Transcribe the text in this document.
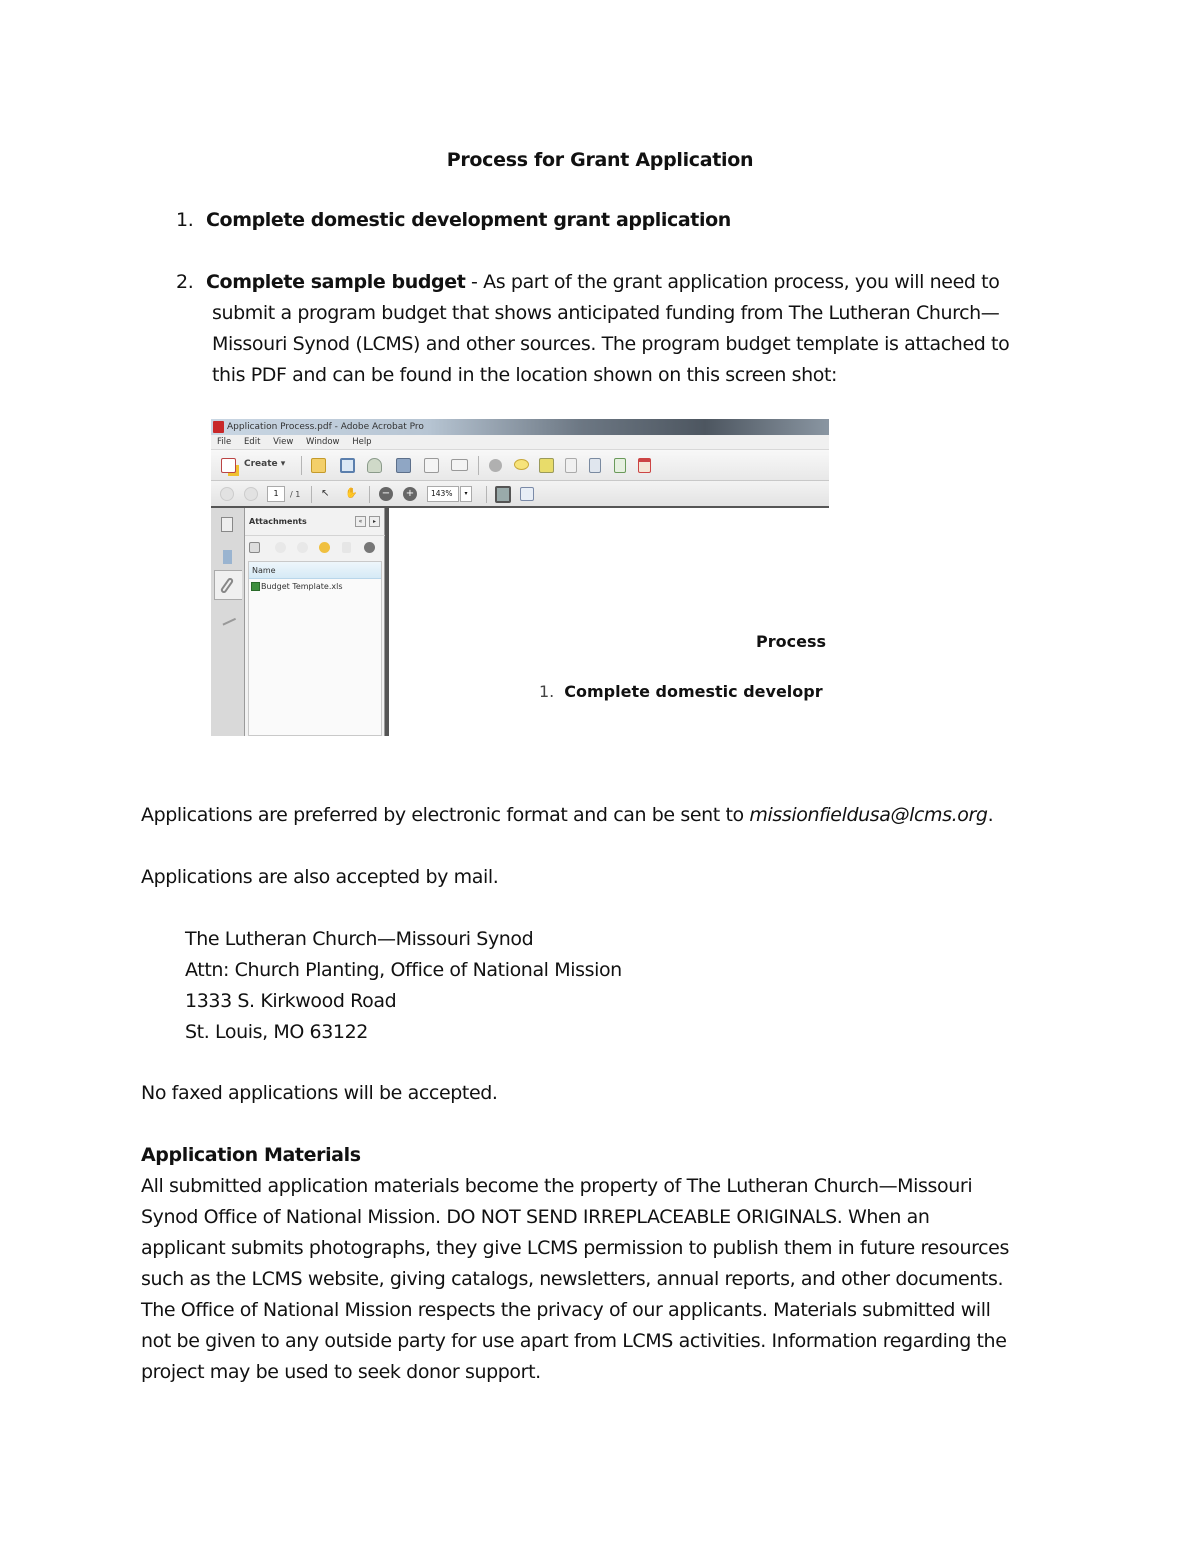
Process for Grant Application
1. Complete domestic development grant application
2. Complete sample budget - As part of the grant application process, you will need to
submit a program budget that shows anticipated funding from The Lutheran Church—
Missouri Synod (LCMS) and other sources. The program budget template is attached to
this PDF and can be found in the location shown on this screen shot:
Application Process.pdf - Adobe Acrobat Pro
File Edit View Window Help
Create ▾
1	/ 1 ↖	✋ − +	143%	▾
Attachments	«	▸
Name
Budget Template.xls
Process
1. Complete domestic developr
Applications are preferred by electronic format and can be sent to missionfieldusa@lcms.org.
Applications are also accepted by mail.
The Lutheran Church—Missouri Synod
Attn: Church Planting, Office of National Mission
1333 S. Kirkwood Road
St. Louis, MO 63122
No faxed applications will be accepted.
Application Materials
All submitted application materials become the property of The Lutheran Church—Missouri
Synod Office of National Mission. DO NOT SEND IRREPLACEABLE ORIGINALS. When an
applicant submits photographs, they give LCMS permission to publish them in future resources
such as the LCMS website, giving catalogs, newsletters, annual reports, and other documents.
The Office of National Mission respects the privacy of our applicants. Materials submitted will
not be given to any outside party for use apart from LCMS activities. Information regarding the
project may be used to seek donor support.
